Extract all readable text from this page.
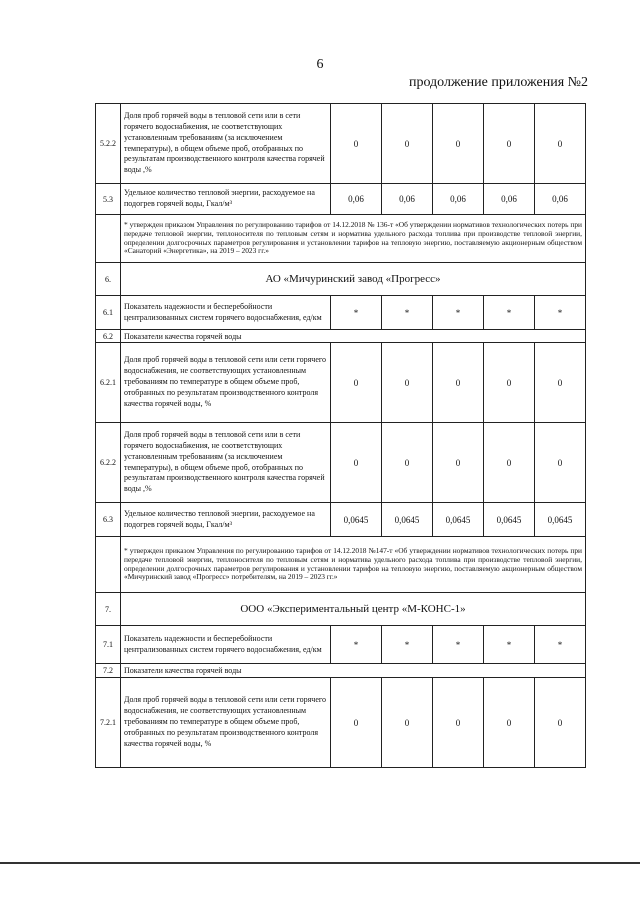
6
продолжение приложения №2
5.2.2	Доля проб горячей воды в тепловой сети или в сети горячего водоснабжения, не соответствующих установленным требованиям (за исключением температуры), в общем объеме проб, отобранных по результатам производственного контроля качества горячей воды ,%	0	0	0	0	0
5.3	Удельное количество тепловой энергии, расходуемое на подогрев горячей воды, Гкал/м³	0,06	0,06	0,06	0,06	0,06
	* утвержден приказом Управления по регулированию тарифов от 14.12.2018 № 136-т «Об утверждении нормативов технологических потерь при передаче тепловой энергии, теплоносителя по тепловым сетям и норматива удельного расхода топлива при производстве тепловой энергии, определении долгосрочных параметров регулирования и установлении тарифов на тепловую энергию, поставляемую акционерным обществом «Санаторий «Энергетика», на 2019 – 2023 гг.»					
6.	АО «Мичуринский завод «Прогресс»					
6.1	Показатель надежности и бесперебойности централизованных систем горячего водоснабжения, ед/км	*	*	*	*	*
6.2	Показатели качества горячей воды					
6.2.1	Доля проб горячей воды в тепловой сети или сети горячего водоснабжения, не соответствующих установленным требованиям по температуре в общем объеме проб, отобранных по результатам производственного контроля качества горячей воды, %	0	0	0	0	0
6.2.2	Доля проб горячей воды в тепловой сети или в сети горячего водоснабжения, не соответствующих установленным требованиям (за исключением температуры), в общем объеме проб, отобранных по результатам производственного контроля качества горячей воды ,%	0	0	0	0	0
6.3	Удельное количество тепловой энергии, расходуемое на подогрев горячей воды, Гкал/м³	0,0645	0,0645	0,0645	0,0645	0,0645
	* утвержден приказом Управления по регулированию тарифов от 14.12.2018 №147-т «Об утверждении нормативов технологических потерь при передаче тепловой энергии, теплоносителя по тепловым сетям и норматива удельного расхода топлива при производстве тепловой энергии, определении долгосрочных параметров регулирования и установлении тарифов на тепловую энергию, поставляемую акционерным обществом «Мичуринский завод «Прогресс» потребителям, на 2019 – 2023 гг.»					
7.	ООО «Экспериментальный центр «М-КОНС-1»					
7.1	Показатель надежности и бесперебойности централизованных систем горячего водоснабжения, ед/км	*	*	*	*	*
7.2	Показатели качества горячей воды					
7.2.1	Доля проб горячей воды в тепловой сети или сети горячего водоснабжения, не соответствующих установленным требованиям по температуре в общем объеме проб, отобранных по результатам производственного контроля качества горячей воды, %	0	0	0	0	0
